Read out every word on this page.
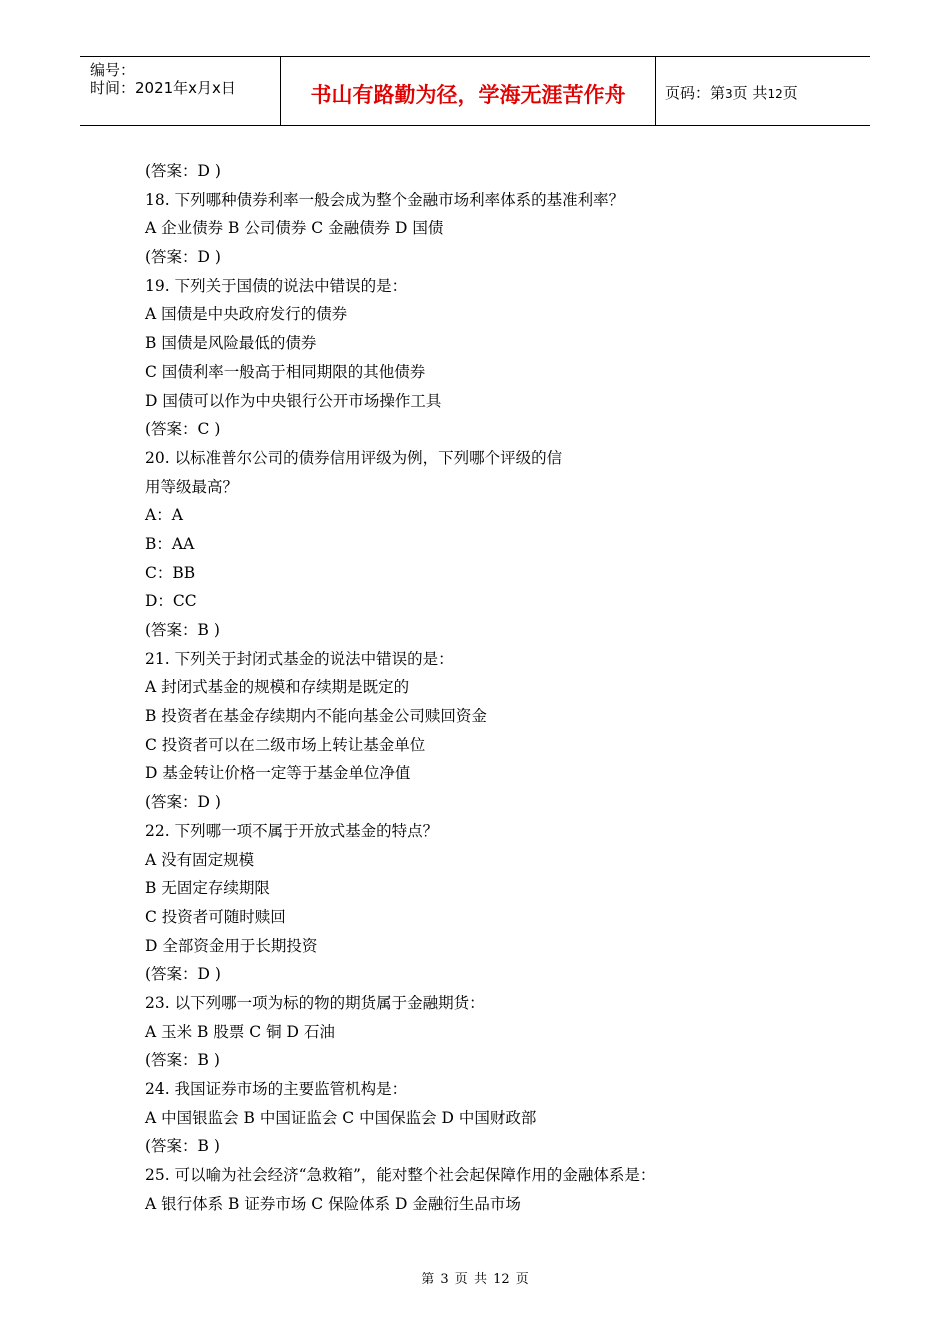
编号：
时间：2021年x月x日	书山有路勤为径，学海无涯苦作舟	页码：第3页 共12页
(答案：D )
18. 下列哪种债券利率一般会成为整个金融市场利率体系的基准利率？
A 企业债券 B 公司债券 C 金融债券 D 国债
(答案：D )
19. 下列关于国债的说法中错误的是：
A 国债是中央政府发行的债券
B 国债是风险最低的债券
C 国债利率一般高于相同期限的其他债券
D 国债可以作为中央银行公开市场操作工具
(答案：C )
20. 以标准普尔公司的债券信用评级为例，下列哪个评级的信
用等级最高？
A：A
B：AA
C：BB
D：CC
(答案：B )
21. 下列关于封闭式基金的说法中错误的是：
A 封闭式基金的规模和存续期是既定的
B 投资者在基金存续期内不能向基金公司赎回资金
C 投资者可以在二级市场上转让基金单位
D 基金转让价格一定等于基金单位净值
(答案：D )
22. 下列哪一项不属于开放式基金的特点？
A 没有固定规模
B 无固定存续期限
C 投资者可随时赎回
D 全部资金用于长期投资
(答案：D )
23. 以下列哪一项为标的物的期货属于金融期货：
A 玉米 B 股票 C 铜 D 石油
(答案：B )
24. 我国证券市场的主要监管机构是：
A 中国银监会 B 中国证监会 C 中国保监会 D 中国财政部
(答案：B )
25. 可以喻为社会经济“急救箱”，能对整个社会起保障作用的金融体系是：
A 银行体系 B 证券市场 C 保险体系 D 金融衍生品市场
第 3 页 共 12 页
